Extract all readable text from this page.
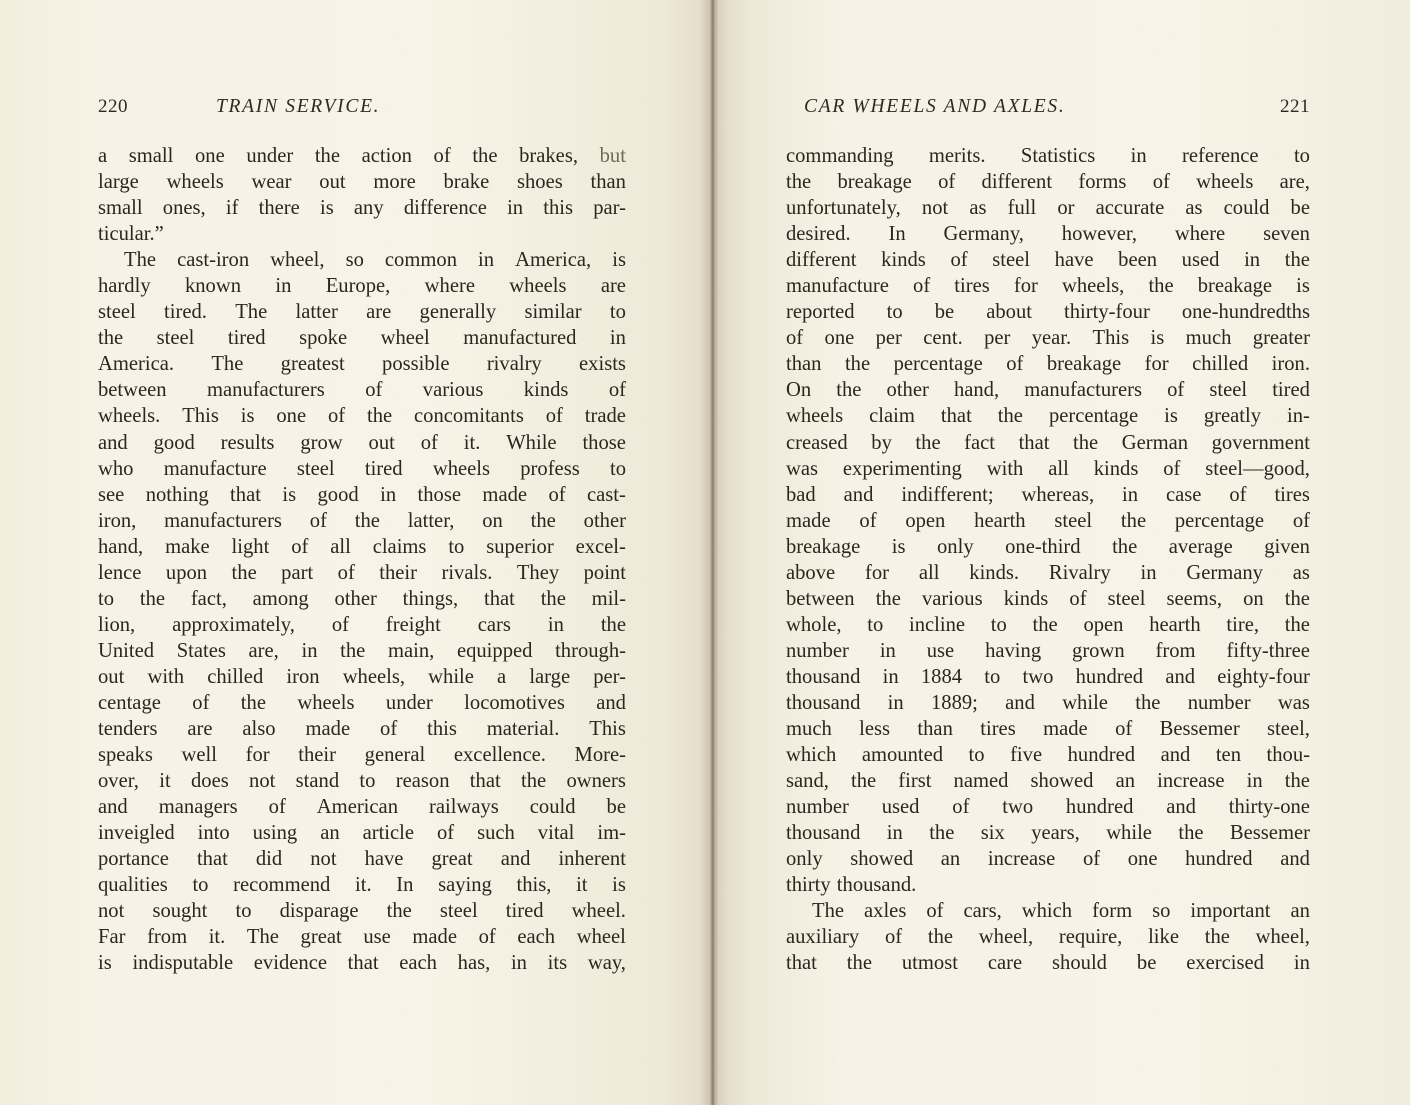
220	TRAIN SERVICE.
a small one under the action of the brakes, but
large wheels wear out more brake shoes than
small ones, if there is any difference in this par-
ticular.”
The cast-iron wheel, so common in America, is
hardly known in Europe, where wheels are
steel tired. The latter are generally similar to
the steel tired spoke wheel manufactured in
America. The greatest possible rivalry exists
between manufacturers of various kinds of
wheels. This is one of the concomitants of trade
and good results grow out of it. While those
who manufacture steel tired wheels profess to
see nothing that is good in those made of cast-
iron, manufacturers of the latter, on the other
hand, make light of all claims to superior excel-
lence upon the part of their rivals. They point
to the fact, among other things, that the mil-
lion, approximately, of freight cars in the
United States are, in the main, equipped through-
out with chilled iron wheels, while a large per-
centage of the wheels under locomotives and
tenders are also made of this material. This
speaks well for their general excellence. More-
over, it does not stand to reason that the owners
and managers of American railways could be
inveigled into using an article of such vital im-
portance that did not have great and inherent
qualities to recommend it. In saying this, it is
not sought to disparage the steel tired wheel.
Far from it. The great use made of each wheel
is indisputable evidence that each has, in its way,
CAR WHEELS AND AXLES.	221
commanding merits. Statistics in reference to
the breakage of different forms of wheels are,
unfortunately, not as full or accurate as could be
desired. In Germany, however, where seven
different kinds of steel have been used in the
manufacture of tires for wheels, the breakage is
reported to be about thirty-four one-hundredths
of one per cent. per year. This is much greater
than the percentage of breakage for chilled iron.
On the other hand, manufacturers of steel tired
wheels claim that the percentage is greatly in-
creased by the fact that the German government
was experimenting with all kinds of steel—good,
bad and indifferent; whereas, in case of tires
made of open hearth steel the percentage of
breakage is only one-third the average given
above for all kinds. Rivalry in Germany as
between the various kinds of steel seems, on the
whole, to incline to the open hearth tire, the
number in use having grown from fifty-three
thousand in 1884 to two hundred and eighty-four
thousand in 1889; and while the number was
much less than tires made of Bessemer steel,
which amounted to five hundred and ten thou-
sand, the first named showed an increase in the
number used of two hundred and thirty-one
thousand in the six years, while the Bessemer
only showed an increase of one hundred and
thirty thousand.
The axles of cars, which form so important an
auxiliary of the wheel, require, like the wheel,
that the utmost care should be exercised in
